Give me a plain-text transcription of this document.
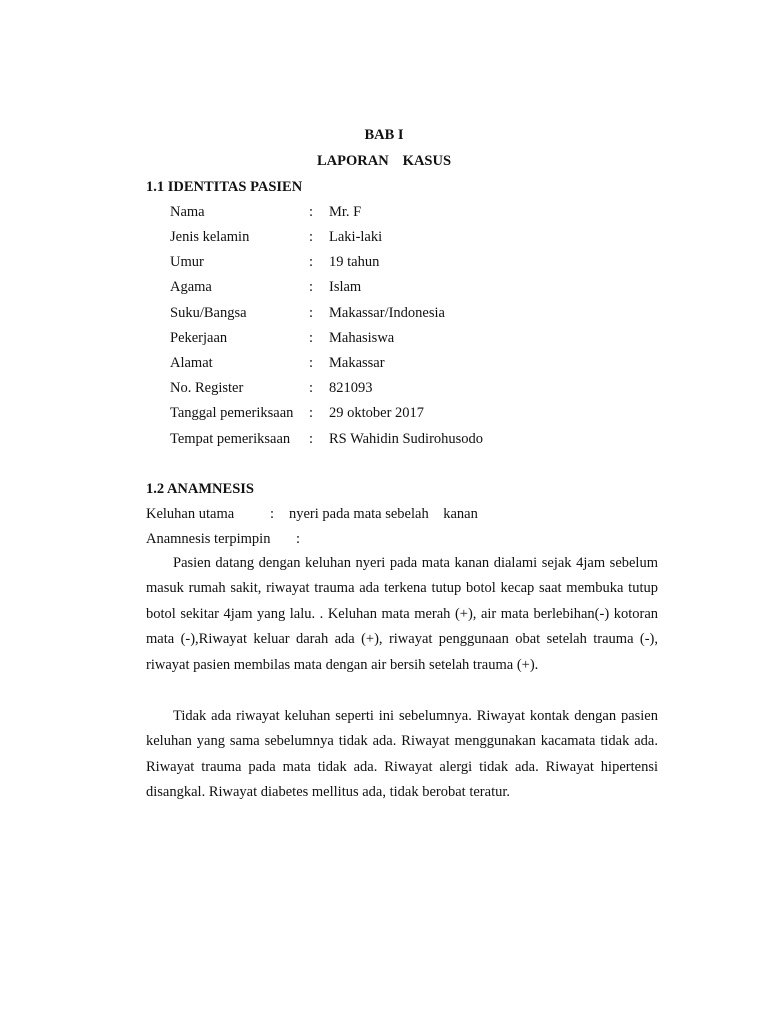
BAB I
LAPORAN KASUS
1.1 IDENTITAS PASIEN
Nama	: Mr. F
Jenis kelamin	: Laki-laki
Umur	: 19 tahun
Agama	: Islam
Suku/Bangsa	: Makassar/Indonesia
Pekerjaan	: Mahasiswa
Alamat	: Makassar
No. Register	: 821093
Tanggal pemeriksaan : 29 oktober 2017
Tempat pemeriksaan : RS Wahidin Sudirohusodo
1.2 ANAMNESIS
Keluhan utama : nyeri pada mata sebelah    kanan
Anamnesis terpimpin :

Pasien datang dengan keluhan nyeri pada mata kanan dialami sejak 4jam sebelum masuk rumah sakit, riwayat trauma ada terkena tutup botol kecap saat membuka tutup botol sekitar 4jam yang lalu. . Keluhan mata merah (+), air mata berlebihan(-) kotoran mata (-),Riwayat keluar darah ada (+), riwayat penggunaan obat setelah trauma (-), riwayat pasien membilas mata dengan air bersih setelah trauma (+).

Tidak ada riwayat keluhan seperti ini sebelumnya. Riwayat kontak dengan pasien keluhan yang sama sebelumnya tidak ada. Riwayat menggunakan kacamata tidak ada. Riwayat trauma pada mata tidak ada. Riwayat alergi tidak ada. Riwayat hipertensi disangkal. Riwayat diabetes mellitus ada, tidak berobat teratur.
